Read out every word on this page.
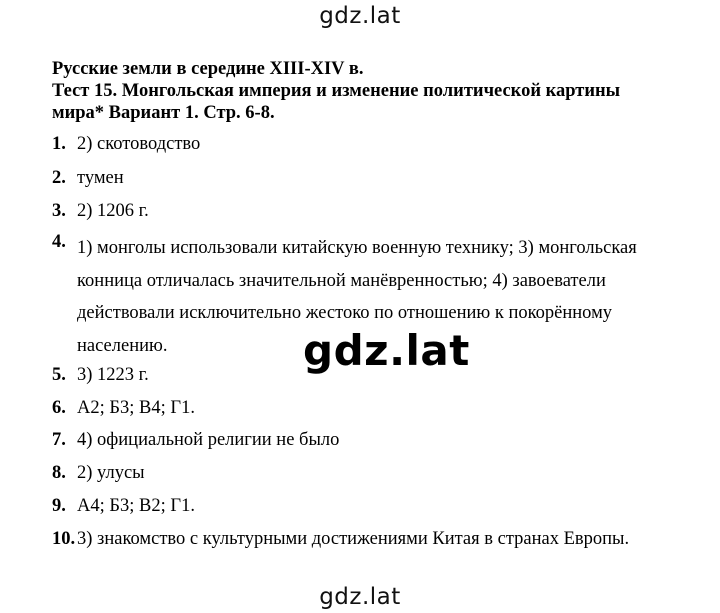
gdz.lat
Русские земли в середине XIII-XIV в.
Тест 15. Монгольская империя и изменение политической картины
мира* Вариант 1. Стр. 6-8.
1. 2) скотоводство
2. тумен
3. 2) 1206 г.
4. 1) монголы использовали китайскую военную технику; 3) монгольская
конница отличалась значительной манёвренностью; 4) завоеватели
действовали исключительно жестоко по отношению к покорённому
населению.	gdz.lat
5. 3) 1223 г.
6. А2; Б3; В4; Г1.
7. 4) официальной религии не было
8. 2) улусы
9. А4; Б3; В2; Г1.
10. 3) знакомство с культурными достижениями Китая в странах Европы.
gdz.lat
